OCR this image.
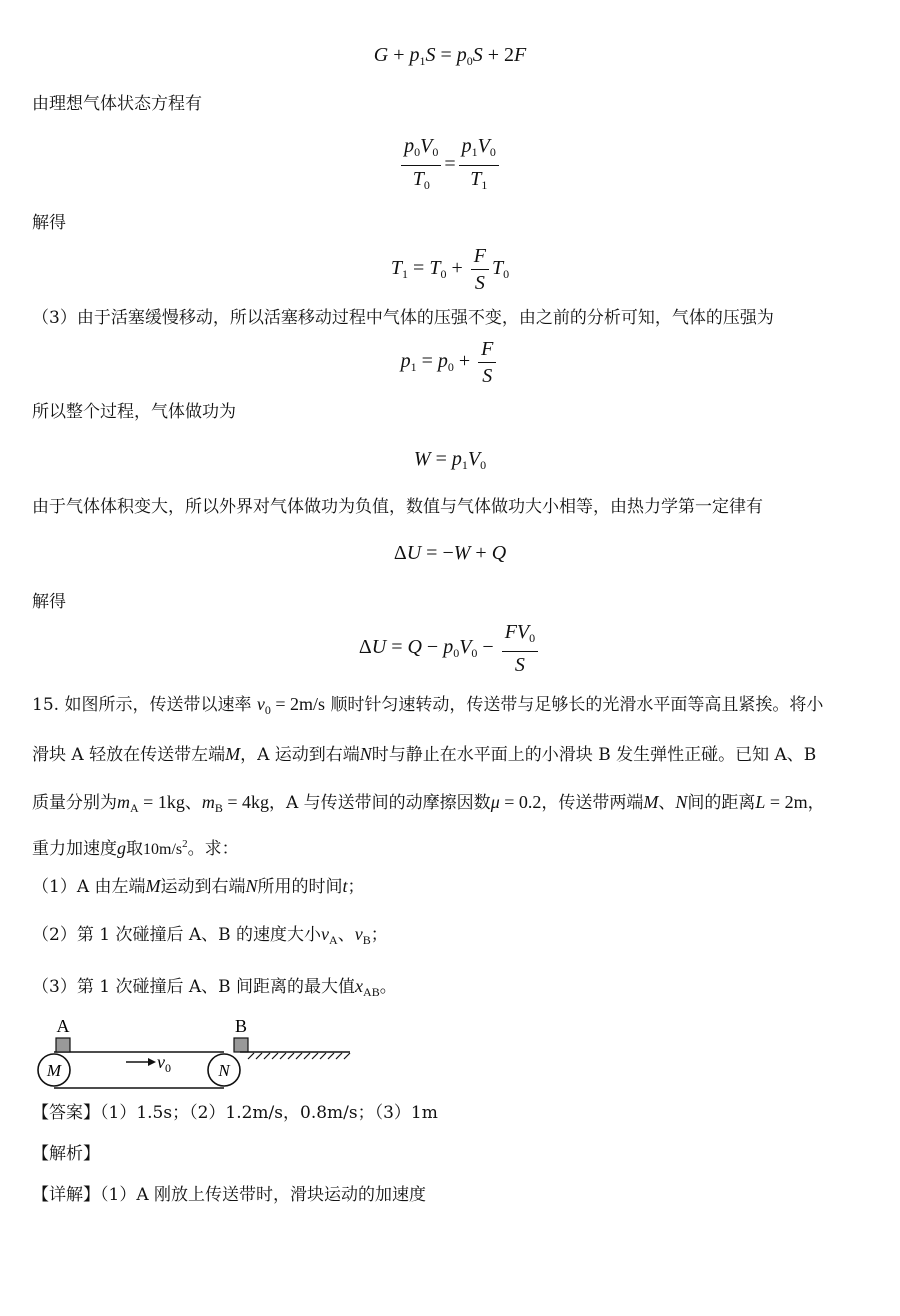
$G + p_1S = p_0S + 2F$
由理想气体状态方程有
$\frac{p_0V_0}{T_0} = \frac{p_1V_0}{T_1}$
解得
$T_1 = T_0 + \frac{F}{S} T_0$
（3）由于活塞缓慢移动，所以活塞移动过程中气体的压强不变，由之前的分析可知，气体的压强为
$p_1 = p_0 + \frac{F}{S}$
所以整个过程，气体做功为
$W = p_1V_0$
由于气体体积变大，所以外界对气体做功为负值，数值与气体做功大小相等，由热力学第一定律有
ΔU = −W + Q
解得
$\Delta U = Q - p_0V_0 - \frac{FV_0}{S}$
15. 如图所示，传送带以速率 $v_0 = 2m/s$ 顺时针匀速转动，传送带与足够长的光滑水平面等高且紧挨。将小
滑块 A 轻放在传送带左端M，A 运动到右端N时与静止在水平面上的小滑块 B 发生弹性正碰。已知 A、B
质量分别为$m_A = 1kg$、$m_B = 4kg$，A 与传送带间的动摩擦因数μ = 0.2，传送带两端M、N间的距离L = 2m，
重力加速度g取$10m/s^2$。求：
（1）A 由左端M运动到右端N所用的时间t；
（2）第 1 次碰撞后 A、B 的速度大小$v_A$、$v_B$；
（3）第 1 次碰撞后 A、B 间距离的最大值$x_{AB}$。
M	N
A	B
$v_0$
【答案】（1）1.5s；（2）1.2m/s，0.8m/s；（3）1m
【解析】
【详解】（1）A 刚放上传送带时，滑块运动的加速度
